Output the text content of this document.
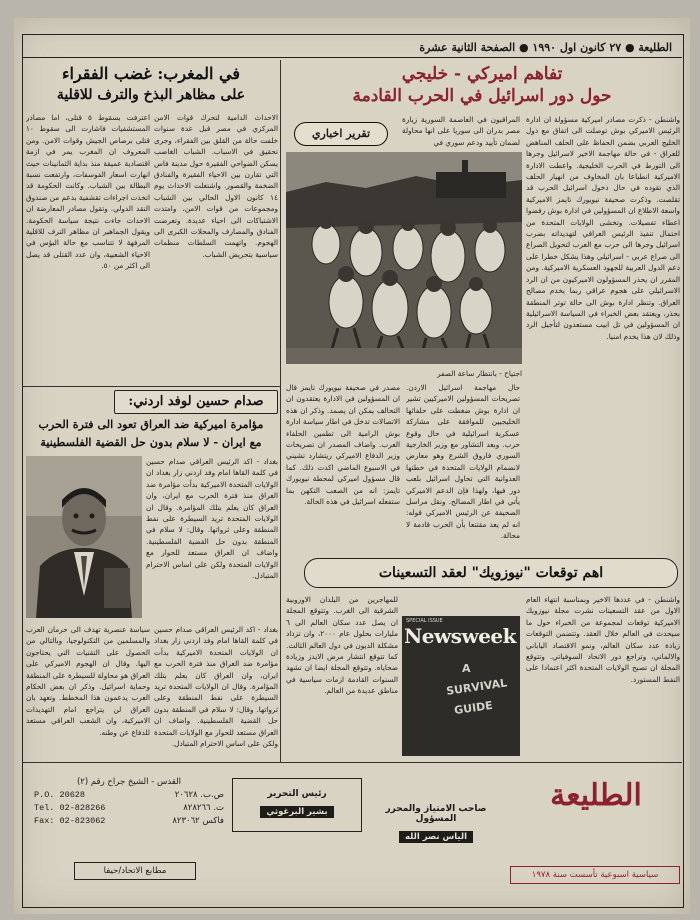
الطليعة ● ٢٧ كانون اول ١٩٩٠ ● الصفحة الثانية عشرة
تفاهم اميركي - خليجي
حول دور اسرائيل في الحرب القادمة
واشنطن - ذكرت مصادر اميركية مسؤولة ان ادارة الرئيس الاميركي بوش توصلت الى اتفاق مع دول الخليج العربي بضمن الحفاظ على الحلف المناهض للعراق - في حالة مهاجمة الاخير لاسرائيل وجرها الى التورط في الحرب الخليجية. واعطت الادارة الاميركية انطباعا بان المخاوف من انهيار الحلف الذي تقوده في حال دخول اسرائيل الحرب قد تقلصت. وذكرت صحيفة نيويورك تايمز الاميركية واسعة الاطلاع ان المسؤولين في ادارة بوش رفضوا اعطاء تفصيلات. وتخشى الولايات المتحدة من احتمال تنفيذ الرئيس العراقي لتهديداته بضرب اسرائيل وجرها الى حرب مع العرب لتحويل الصراع الى صراع عربي - اسرائيلي وهذا يشكل خطرا على دعم الدول العربية للجهود العسكرية الاميركية. ومن المقرر ان يحذر المسؤولون الاميركيون من ان الرد الاسرائيلي على هجوم عراقي ربما يخدم مصالح العراق. وتنظر ادارة بوش الى حالة توتر المنطقة بحذر، ويعتقد بعض الخبراء في السياسة الاسرائيلية ان المسؤولين في تل ابيب مستعدون لتأجيل الرد وذلك لان هذا يخدم امنيا.
المراقبون في العاصمة السورية زيارة مصر بدران الى سوريا على انها محاولة لضمان تأييد ودعم سوري في
تقرير اخباري
اجتياح - بانتظار ساعة الصفر
حال مهاجمة اسرائيل الاردن. تصريحات المسؤولين الاميركيين تشير ان ادارة بوش ضغطت على حلفائها الخليجيين للموافقة على مشاركة عسكرية اسرائيلية في حال وقوع حرب. وبعد التشاور مع وزير الخارجية السوري فاروق الشرع وهو معارض لانضمام الولايات المتحدة في خطتها العدوانية التي تحاول اسرائيل بلعب دور فيها، ولهذا فإن الدعم الاميركي يأتي في اطار المصالح. ونقل مراسل الصحيفة عن الرئيس الاميركي قوله: انه لم يعد مقتنعا بأن الحرب قادمة لا محالة.
مصدر في صحيفة نيويورك تايمز قال ان المسؤولين في الادارة يعتقدون ان التحالف يمكن ان يصمد. وذكر ان هذه الاتصالات تدخل في اطار سياسة ادارة بوش الرامية الى تطمين الحلفاء العرب. واضاف المصدر ان تصريحات وزير الدفاع الاميركي ريتشارد تشيني في الاسبوع الماضي اكدت ذلك. كما قال مسؤول اميركي لمحطة نيويورك تايمز: انه من الصعب التكهن بما ستفعله اسرائيل في هذه الحالة.
في المغرب: غضب الفقراء
على مظاهر البذخ والترف للاقلية
الاحداث الدامية لتحرك قوات الامن المركزي في مصر قبل عدة سنوات خلفت حالة من القلق بين الفقراء، وجرى تحقيق في الاسباب. الشباب الغاضب يسكن الضواحي الفقيرة حول مدينة فاس التي تقارن بين الاحياء الفقيرة والفنادق الضخمة والقصور. واشتعلت الاحداث يوم ١٤ كانون الاول الحالي بين الشباب ومجموعات من قوات الامن، وامتدت الاشتباكات الى احياء عديدة. وتعرضت الفنادق والمصارف والمحلات الكبرى الى الهجوم. واتهمت السلطات منظمات سياسية بتحريض الشباب.
اعترفت بسقوط ٥ قتلى، اما مصادر المستشفيات فاشارت الى سقوط ١٠ قتلى برصاص الجيش وقوات الامن. ومن المعروف ان المغرب يمر في ازمة اقتصادية عميقة منذ بداية الثمانينات حيث انهارت اسعار الفوسفات، وارتفعت نسبة البطالة بين الشباب. وكانت الحكومة قد اتخذت اجراءات تقشفية بدعم من صندوق النقد الدولي. وتقول مصادر المعارضة ان الاحداث جاءت نتيجة سياسة الحكومة. ويقول الجماهير ان مظاهر الترف للاقلية المرفهة لا تتناسب مع حالة البؤس في الاحياء الشعبية، وان عدد القتلى قد يصل الى اكثر من ٥٠.
صدام حسين لوفد اردني:
مؤامرة اميركية ضد العراق تعود الى فترة الحرب
مع ايران - لا سلام بدون حل القضية الفلسطينية
بغداد - اكد الرئيس العراقي صدام حسين في كلمة القاها امام وفد اردني زار بغداد ان الولايات المتحدة الاميركية بدأت مؤامرة ضد العراق منذ فترة الحرب مع ايران، وان العراق كان يعلم بتلك المؤامرة. وقال ان الولايات المتحدة تريد السيطرة على نفط المنطقة وعلى ثرواتها. وقال: لا سلام في المنطقة بدون حل القضية الفلسطينية. واضاف ان العراق مستعد للحوار مع الولايات المتحدة ولكن على اساس الاحترام المتبادل.
سياسة عنصرية تهدف الى حرمان العرب والمسلمين من التكنولوجيا، وبالتالي من الحصول على التقنيات التي يحتاجون اليها. وقال ان الهجوم الاميركي على العراق هو محاولة للسيطرة على المنطقة وحماية اسرائيل. وذكر ان بعض الحكام العرب يدعمون هذا المخطط. وتعهد بان العراق لن يتراجع امام التهديدات الاميركية، وان الشعب العراقي مستعد للدفاع عن وطنه.
بغداد - اكد الرئيس العراقي صدام حسين في كلمة القاها امام وفد اردني زار بغداد ان الولايات المتحدة الاميركية بدأت مؤامرة ضد العراق منذ فترة الحرب مع ايران، وان العراق كان يعلم بتلك المؤامرة. وقال ان الولايات المتحدة تريد السيطرة على نفط المنطقة وعلى ثرواتها. وقال: لا سلام في المنطقة بدون حل القضية الفلسطينية. واضاف ان العراق مستعد للحوار مع الولايات المتحدة ولكن على اساس الاحترام المتبادل.
اهم توقعات "نيوزويك" لعقد التسعينات
واشنطن - في عددها الاخير وبمناسبة انتهاء العام الاول من عقد التسعينات نشرت مجلة نيوزويك الاميركية توقعات لمجموعة من الخبراء حول ما سيحدث في العالم خلال العقد. وتتضمن التوقعات زيادة عدد سكان العالم، ونمو الاقتصاد الياباني والالماني، وتراجع دور الاتحاد السوفياتي. وتتوقع المجلة ان تصبح الولايات المتحدة اكثر اعتمادا على النفط المستورد.
SPECIAL ISSUE
Newsweek
A
SURVIVAL
GUIDE
للمهاجرين من البلدان الاوروبية الشرقية الى الغرب. وتتوقع المجلة ان يصل عدد سكان العالم الى ٦ مليارات بحلول عام ٢٠٠٠، وان تزداد مشكلة الديون في دول العالم الثالث. كما تتوقع انتشار مرض الايدز وزيادة ضحاياه. وتتوقع المجلة ايضا ان تشهد السنوات القادمة ازمات سياسية في مناطق عديدة من العالم.
الطليعة
سياسية اسبوعية تأسست سنة ١٩٧٨
صاحب الامتياز والمحرر المسؤول
الياس نصر الله
رئيس التحرير
بشير البرغوثي
القدس - الشيخ جراح رقم (٢)
P.O. 20628	ص.ب. ٢٠٦٢٨
Tel. 02-828266	ت. ٨٢٨٢٦٦
Fax: 02-823062	فاكس ٨٢٣٠٦٢
مطابع الاتحاد/حيفا
